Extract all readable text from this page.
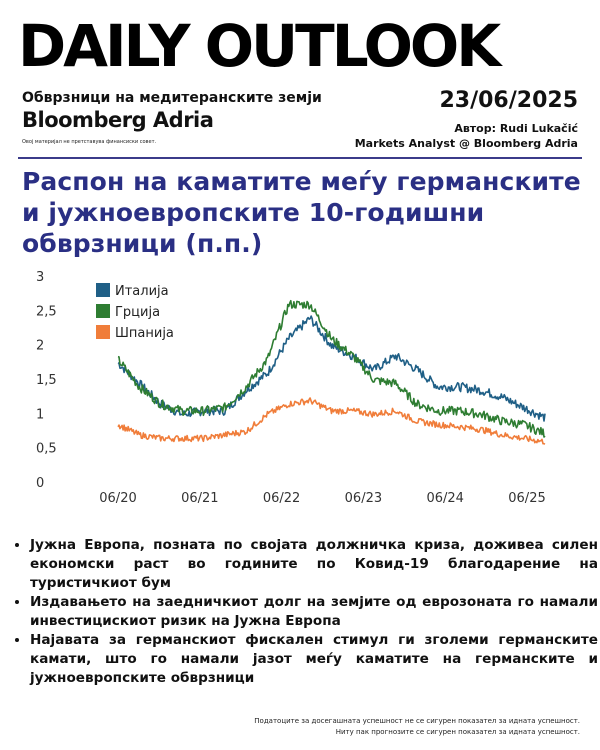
DAILY OUTLOOK
Обврзници на медитеранските земји
Bloomberg Adria
Овој материјал не претставува финансиски совет.
23/06/2025
Автор: Rudi Lukačić
Markets Analyst @ Bloomberg Adria
Распон на каматите меѓу германските и јужноевропските 10-годишни обврзници (п.п.)
0
0,5
1
1,5
2
2,5
3
06/20	06/21	06/22	06/23	06/24	06/25
Италија
Грција
Шпанија
• Јужна Европа, позната по својата должничка криза, доживеа силен економски раст во годините по Ковид-19 благодарение на туристичкиот бум
• Издавањето на заедничкиот долг на земјите од еврозоната го намали инвестицискиот ризик на Јужна Европа
• Најавата за германскиот фискален стимул ги зголеми германските камати, што го намали јазот меѓу каматите на германските и јужноевропските обврзници
Податоците за досегашната успешност не се сигурен показател за идната успешност.
Ниту пак прогнозите се сигурен показател за идната успешност.
